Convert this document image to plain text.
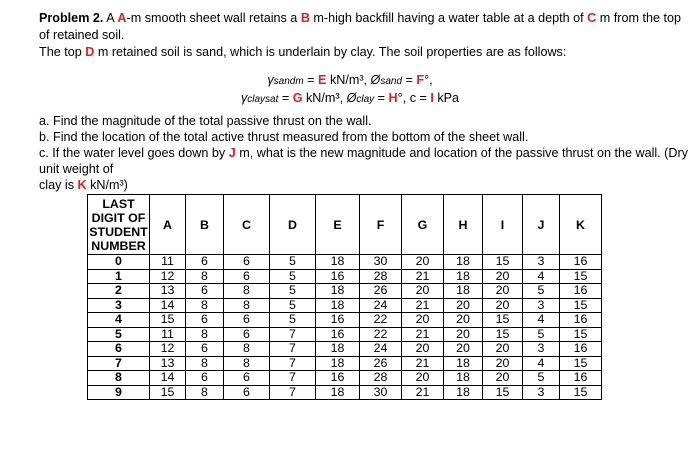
Problem 2. A A-m smooth sheet wall retains a B m-high backfill having a water table at a depth of C m from the top of retained soil.
The top D m retained soil is sand, which is underlain by clay. The soil properties are as follows:
γsandm = E kN/m³, Øsand = F°,
γclaysat = G kN/m³, Øclay = H°, c = I kPa
a. Find the magnitude of the total passive thrust on the wall.
b. Find the location of the total active thrust measured from the bottom of the sheet wall.
c. If the water level goes down by J m, what is the new magnitude and location of the passive thrust on the wall. (Dry unit weight of
clay is K kN/m³)
LAST
DIGIT OF
STUDENT
NUMBER	A	B	C	D	E	F	G	H	I	J	K
0	11	6	6	5	18	30	20	18	15	3	16
1	12	8	6	5	16	28	21	18	20	4	15
2	13	6	8	5	18	26	20	18	20	5	16
3	14	8	8	5	18	24	21	20	20	3	15
4	15	6	6	5	16	22	20	20	15	4	16
5	11	8	6	7	16	22	21	20	15	5	15
6	12	6	8	7	18	24	20	20	20	3	16
7	13	8	8	7	18	26	21	18	20	4	15
8	14	6	6	7	16	28	20	18	20	5	16
9	15	8	6	7	18	30	21	18	15	3	15
